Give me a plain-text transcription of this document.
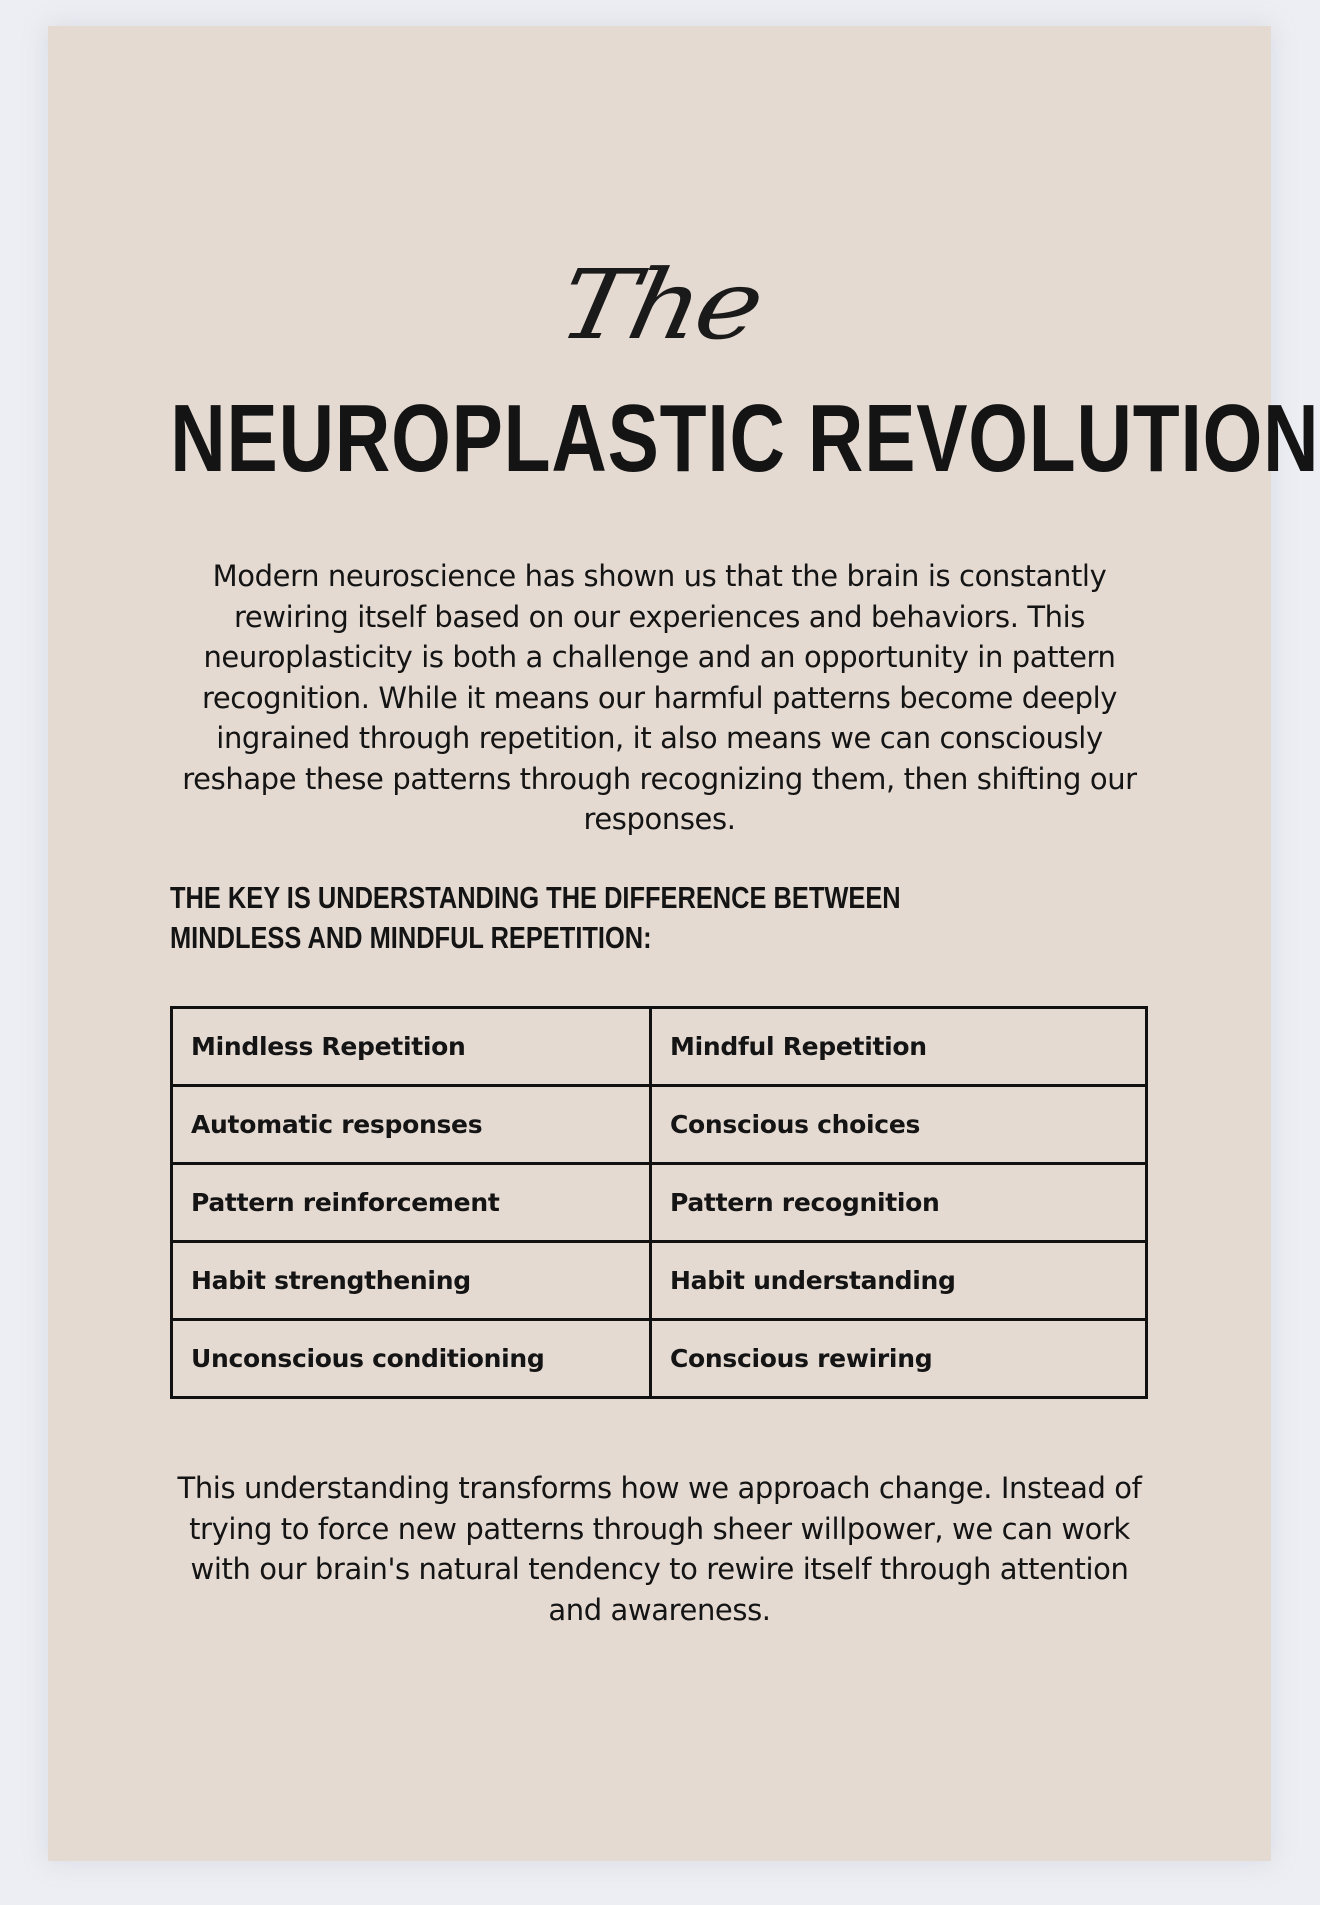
The
NEUROPLASTIC REVOLUTION

Modern neuroscience has shown us that the brain is constantly rewiring itself based on our experiences and behaviors. This neuroplasticity is both a challenge and an opportunity in pattern recognition. While it means our harmful patterns become deeply ingrained through repetition, it also means we can consciously reshape these patterns through recognizing them, then shifting our responses.

THE KEY IS UNDERSTANDING THE DIFFERENCE BETWEEN MINDLESS AND MINDFUL REPETITION:
Mindless Repetition	Mindful Repetition
Automatic responses	Conscious choices
Pattern reinforcement	Pattern recognition
Habit strengthening	Habit understanding
Unconscious conditioning	Conscious rewiring

This understanding transforms how we approach change. Instead of trying to force new patterns through sheer willpower, we can work with our brain's natural tendency to rewire itself through attention and awareness.
